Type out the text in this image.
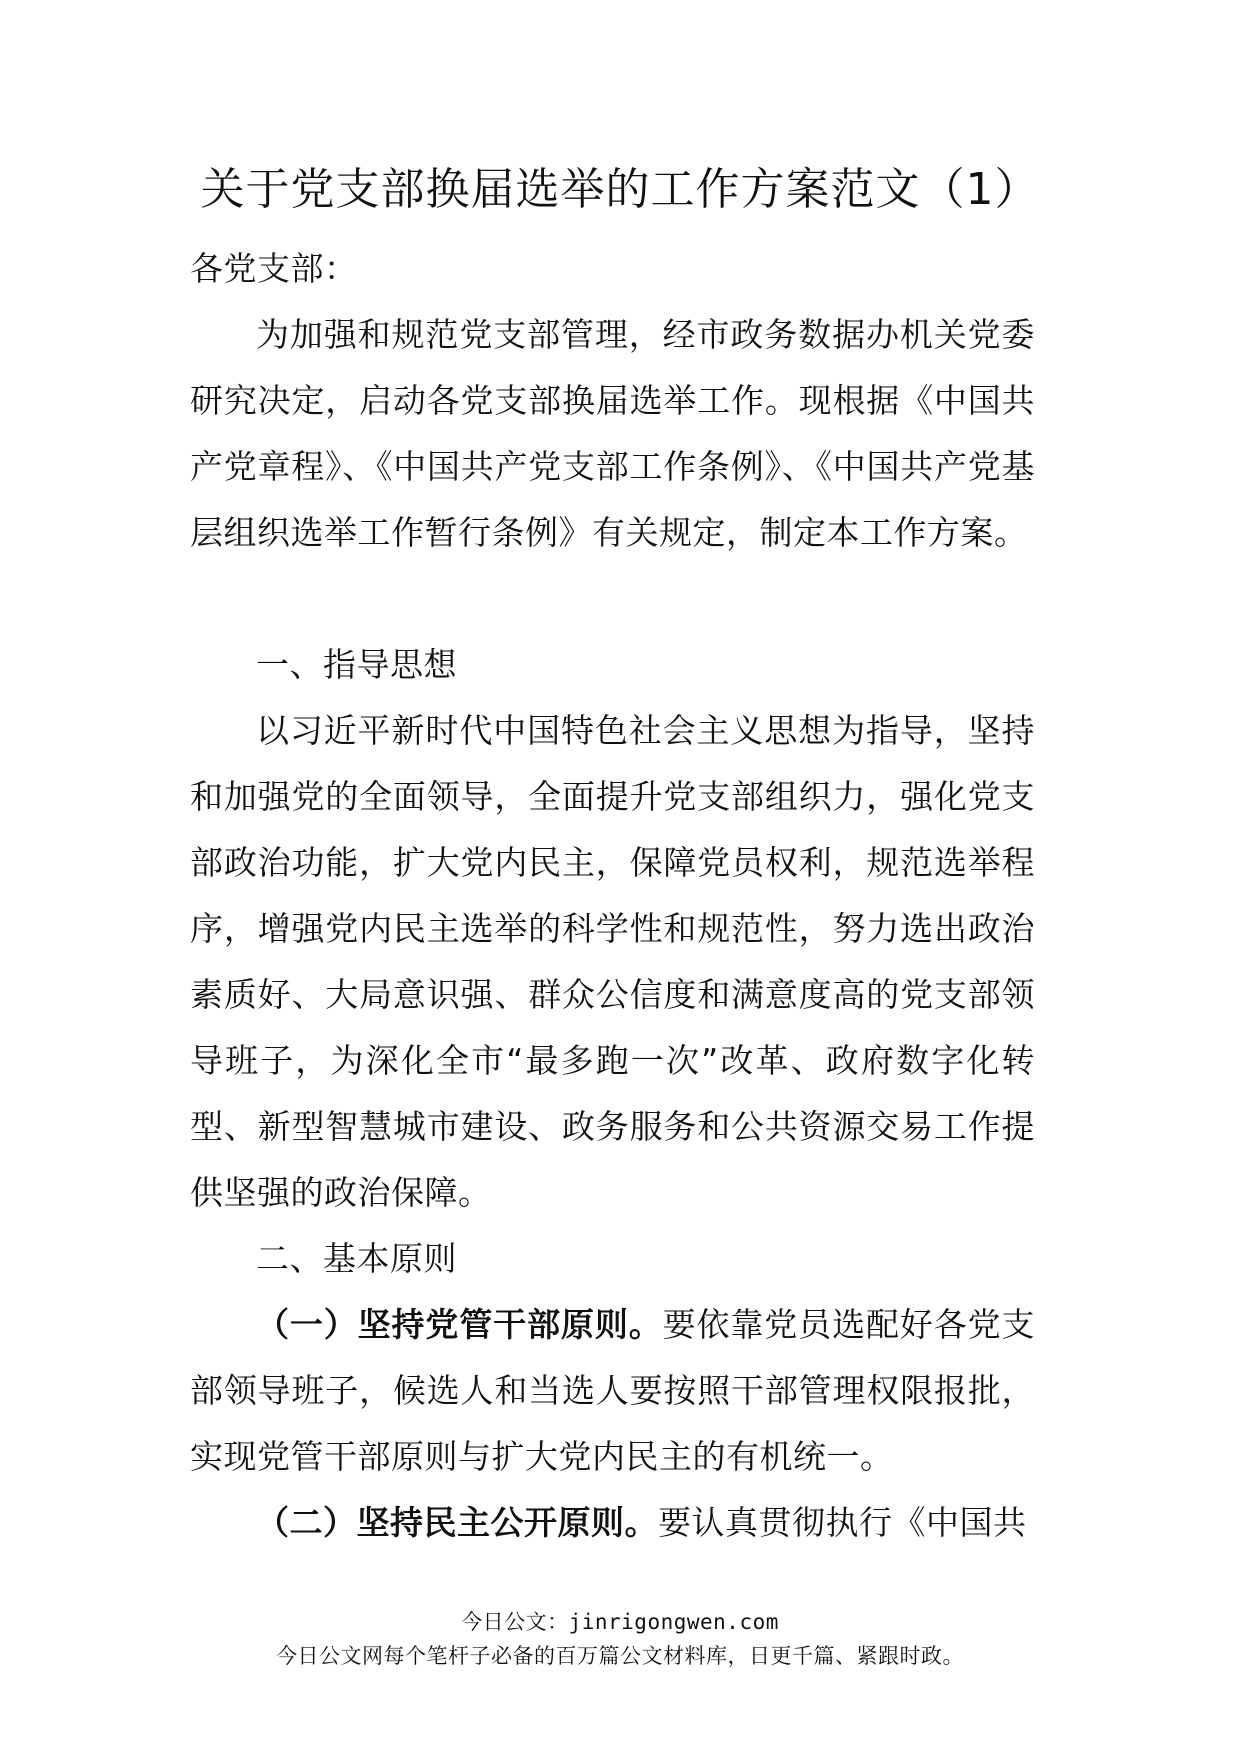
关于党支部换届选举的工作方案范文（1）
各党支部：
为加强和规范党支部管理，经市政务数据办机关党委研究决定，启动各党支部换届选举工作。现根据《中国共产党章程》、《中国共产党支部工作条例》、《中国共产党基层组织选举工作暂行条例》有关规定，制定本工作方案。
一、指导思想
以习近平新时代中国特色社会主义思想为指导，坚持和加强党的全面领导，全面提升党支部组织力，强化党支部政治功能，扩大党内民主，保障党员权利，规范选举程序，增强党内民主选举的科学性和规范性，努力选出政治素质好、大局意识强、群众公信度和满意度高的党支部领导班子，为深化全市“最多跑一次”改革、政府数字化转型、新型智慧城市建设、政务服务和公共资源交易工作提供坚强的政治保障。
二、基本原则
（一）坚持党管干部原则。要依靠党员选配好各党支部领导班子，候选人和当选人要按照干部管理权限报批，实现党管干部原则与扩大党内民主的有机统一。
（二）坚持民主公开原则。要认真贯彻执行《中国共
今日公文：jinrigongwen.com
今日公文网每个笔杆子必备的百万篇公文材料库，日更千篇、紧跟时政。
